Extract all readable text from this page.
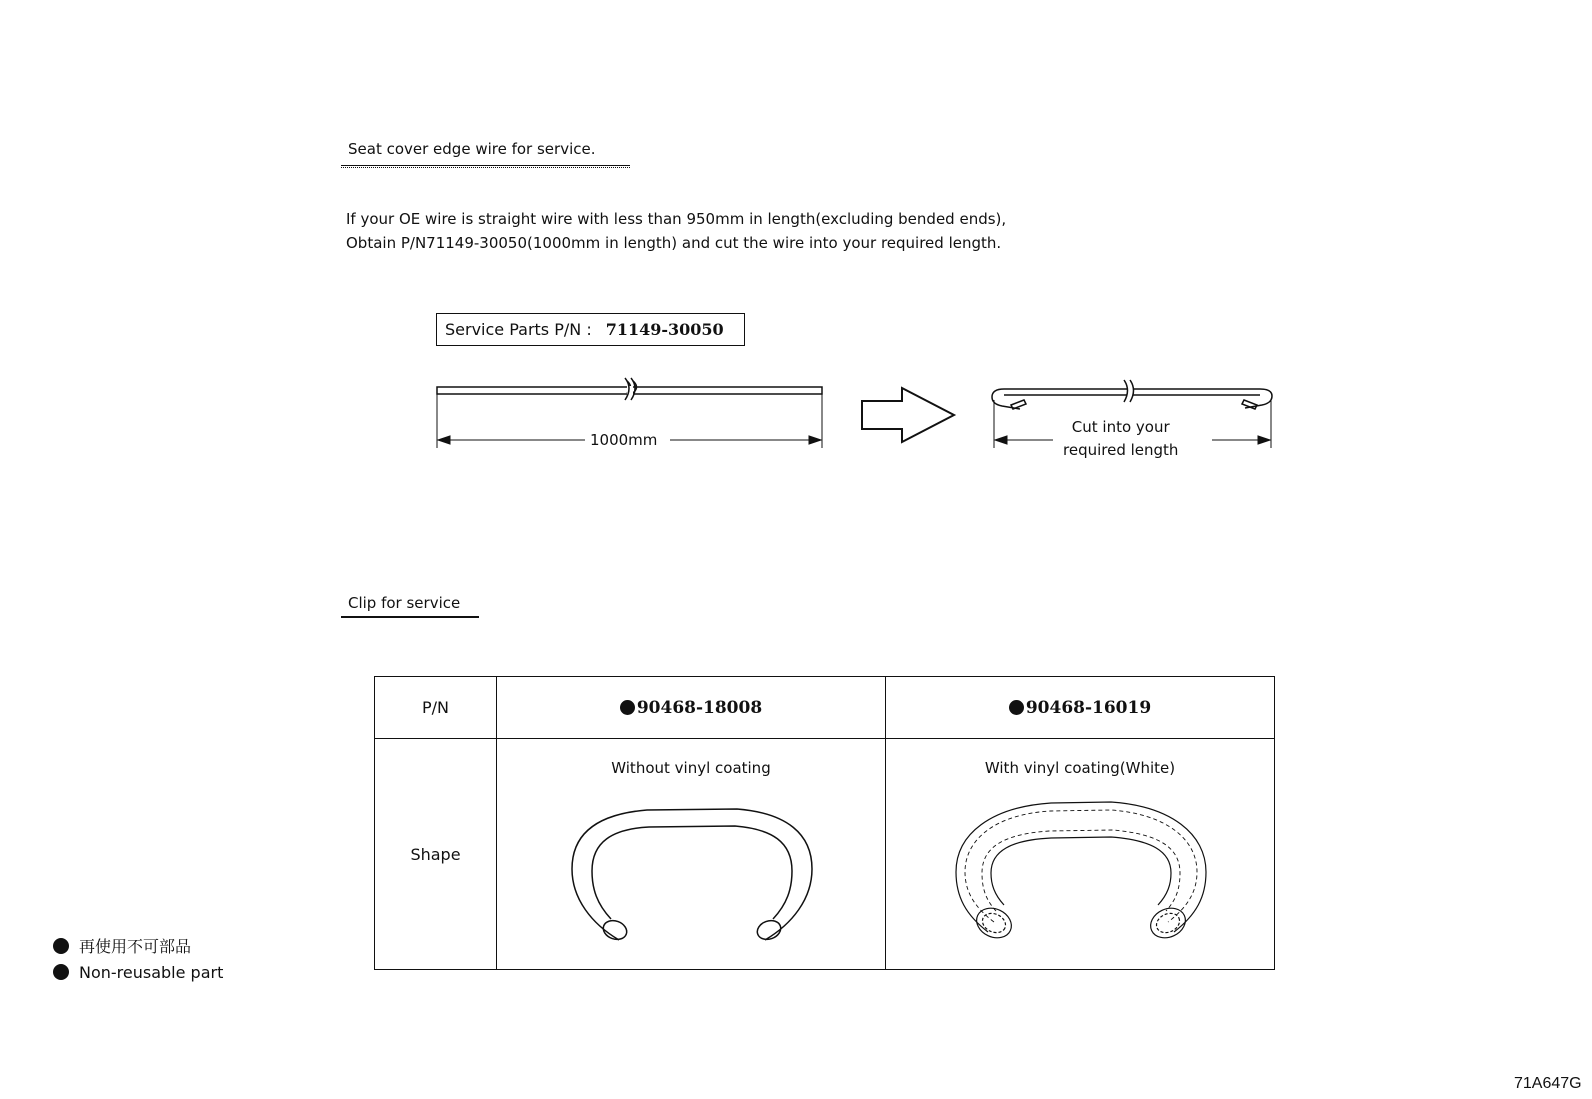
Seat cover edge wire for service.
If your OE wire is straight wire with less than 950mm in length(excluding bended ends),
Obtain P/N71149-30050(1000mm in length) and cut the wire into your required length.
Service Parts P/N : 71149-30050
1000mm
Cut into your
required length
Clip for service
P/N	90468-18008	90468-16019
Shape	Without vinyl coating	With vinyl coating(White)
再使用不可部品
Non-reusable part
71A647G
